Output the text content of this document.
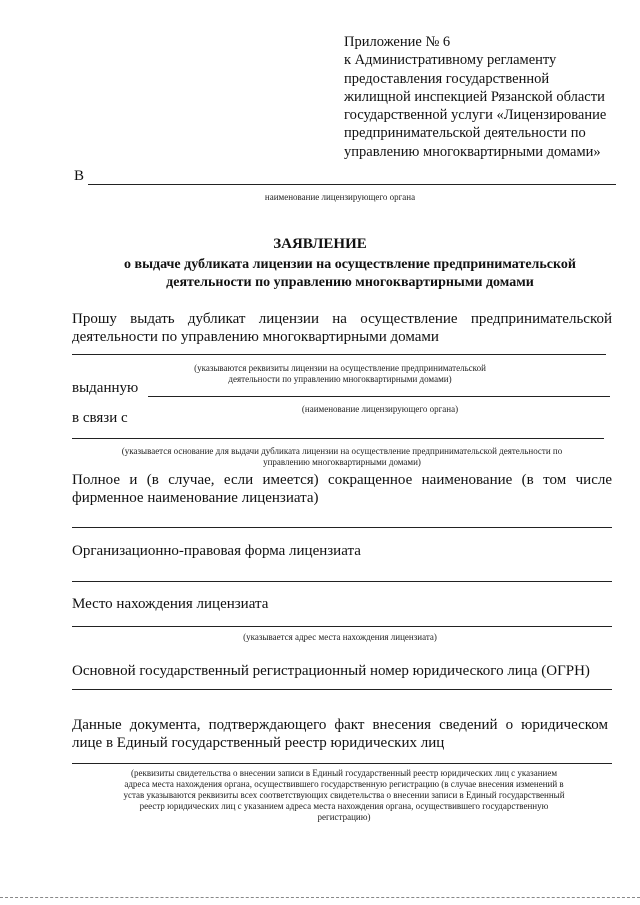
Приложение № 6
к Административному регламенту
предоставления государственной
жилищной инспекцией Рязанской области
государственной услуги «Лицензирование
предпринимательской деятельности по
управлению многоквартирными домами»
В
наименование лицензирующего органа
ЗАЯВЛЕНИЕ
о выдаче дубликата лицензии на осуществление предпринимательской
деятельности по управлению многоквартирными домами
Прошу выдать дубликат лицензии на осуществление предпринимательской
деятельности по управлению многоквартирными домами
(указываются реквизиты лицензии на осуществление предпринимательской
деятельности по управлению многоквартирными домами)
выданную
(наименование лицензирующего органа)
в связи с
(указывается основание для выдачи дубликата лицензии на осуществление предпринимательской деятельности по
управлению многоквартирными домами)
Полное и (в случае, если имеется) сокращенное наименование (в том числе
фирменное наименование лицензиата)
Организационно-правовая форма лицензиата
Место нахождения лицензиата
(указывается адрес места нахождения лицензиата)
Основной государственный регистрационный номер юридического лица (ОГРН)
Данные документа, подтверждающего факт внесения сведений о юридическом
лице в Единый государственный реестр юридических лиц
(реквизиты свидетельства о внесении записи в Единый государственный реестр юридических лиц с указанием
адреса места нахождения органа, осуществившего государственную регистрацию (в случае внесения изменений в
устав указываются реквизиты всех соответствующих свидетельства о внесении записи в Единый государственный
реестр юридических лиц с указанием адреса места нахождения органа, осуществившего государственную
регистрацию)
